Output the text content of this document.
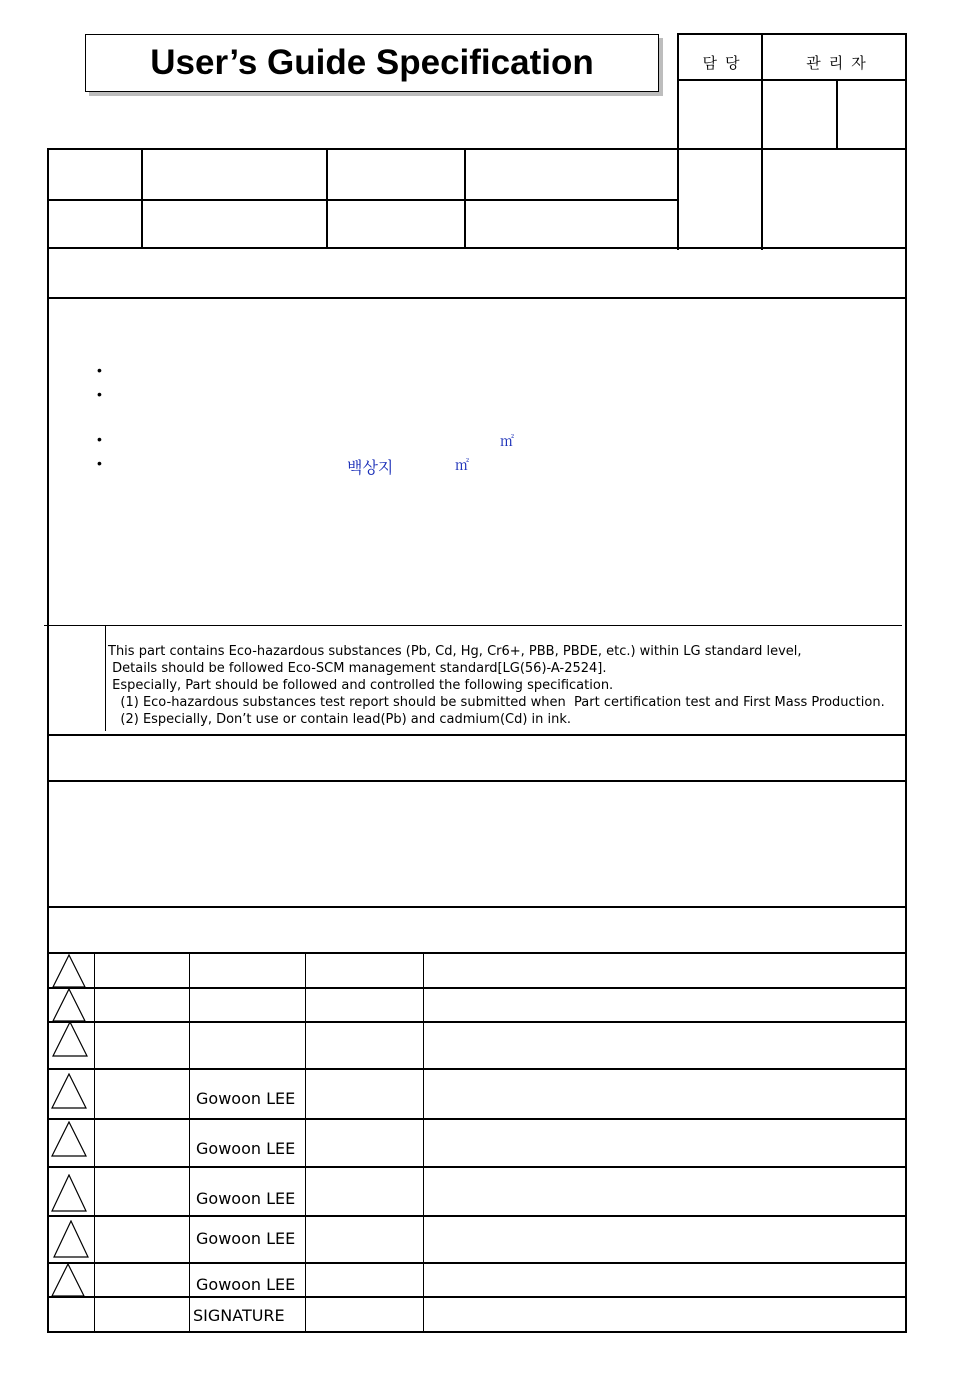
User’s Guide Specification	담당	관리자
•
•
•
•
㎡
백상지	㎡
This part contains Eco-hazardous substances (Pb, Cd, Hg, Cr6+, PBB, PBDE, etc.) within LG standard level,
Details should be followed Eco-SCM management standard[LG(56)-A-2524].
Especially, Part should be followed and controlled the following specification.
(1) Eco-hazardous substances test report should be submitted when  Part certification test and First Mass Production.
(2) Especially, Don’t use or contain lead(Pb) and cadmium(Cd) in ink.
Gowoon LEE
Gowoon LEE
Gowoon LEE
Gowoon LEE
Gowoon LEE
SIGNATURE
